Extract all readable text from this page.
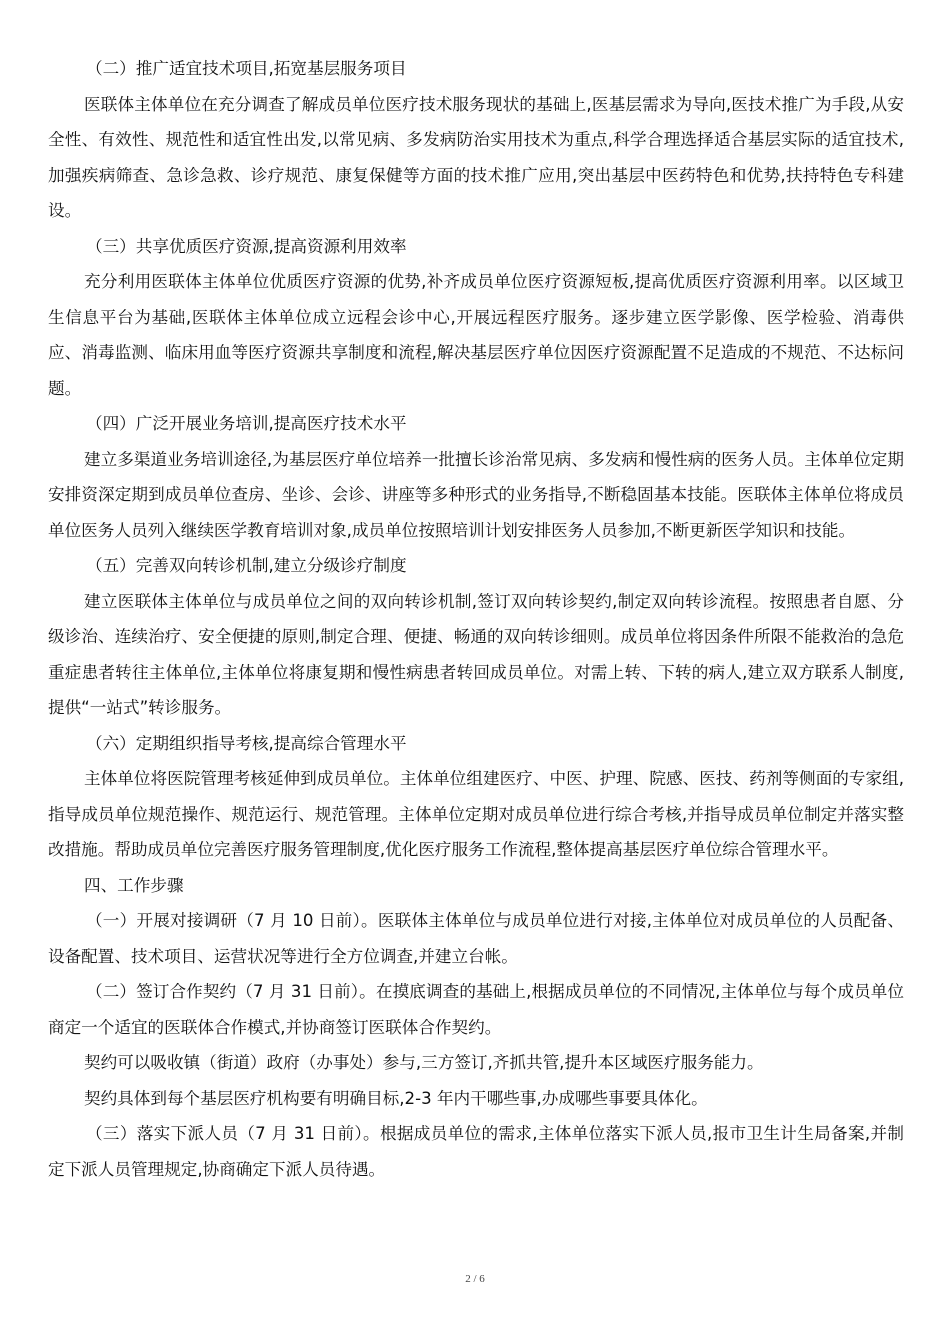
（二）推广适宜技术项目,拓宽基层服务项目

医联体主体单位在充分调查了解成员单位医疗技术服务现状的基础上,医基层需求为导向,医技术推广为手段,从安全性、有效性、规范性和适宜性出发,以常见病、多发病防治实用技术为重点,科学合理选择适合基层实际的适宜技术,加强疾病筛查、急诊急救、诊疗规范、康复保健等方面的技术推广应用,突出基层中医药特色和优势,扶持特色专科建设。

（三）共享优质医疗资源,提高资源利用效率

充分利用医联体主体单位优质医疗资源的优势,补齐成员单位医疗资源短板,提高优质医疗资源利用率。以区域卫生信息平台为基础,医联体主体单位成立远程会诊中心,开展远程医疗服务。逐步建立医学影像、医学检验、消毒供应、消毒监测、临床用血等医疗资源共享制度和流程,解决基层医疗单位因医疗资源配置不足造成的不规范、不达标问题。

（四）广泛开展业务培训,提高医疗技术水平

建立多渠道业务培训途径,为基层医疗单位培养一批擅长诊治常见病、多发病和慢性病的医务人员。主体单位定期安排资深定期到成员单位查房、坐诊、会诊、讲座等多种形式的业务指导,不断稳固基本技能。医联体主体单位将成员单位医务人员列入继续医学教育培训对象,成员单位按照培训计划安排医务人员参加,不断更新医学知识和技能。

（五）完善双向转诊机制,建立分级诊疗制度

建立医联体主体单位与成员单位之间的双向转诊机制,签订双向转诊契约,制定双向转诊流程。按照患者自愿、分级诊治、连续治疗、安全便捷的原则,制定合理、便捷、畅通的双向转诊细则。成员单位将因条件所限不能救治的急危重症患者转往主体单位,主体单位将康复期和慢性病患者转回成员单位。对需上转、下转的病人,建立双方联系人制度,提供“一站式”转诊服务。

（六）定期组织指导考核,提高综合管理水平

主体单位将医院管理考核延伸到成员单位。主体单位组建医疗、中医、护理、院感、医技、药剂等侧面的专家组,指导成员单位规范操作、规范运行、规范管理。主体单位定期对成员单位进行综合考核,并指导成员单位制定并落实整改措施。帮助成员单位完善医疗服务管理制度,优化医疗服务工作流程,整体提高基层医疗单位综合管理水平。

四、工作步骤

（一）开展对接调研（7 月 10 日前）。医联体主体单位与成员单位进行对接,主体单位对成员单位的人员配备、设备配置、技术项目、运营状况等进行全方位调查,并建立台帐。

（二）签订合作契约（7 月 31 日前）。在摸底调查的基础上,根据成员单位的不同情况,主体单位与每个成员单位商定一个适宜的医联体合作模式,并协商签订医联体合作契约。

契约可以吸收镇（街道）政府（办事处）参与,三方签订,齐抓共管,提升本区域医疗服务能力。

契约具体到每个基层医疗机构要有明确目标,2-3 年内干哪些事,办成哪些事要具体化。

（三）落实下派人员（7 月 31 日前）。根据成员单位的需求,主体单位落实下派人员,报市卫生计生局备案,并制定下派人员管理规定,协商确定下派人员待遇。

2 / 6
